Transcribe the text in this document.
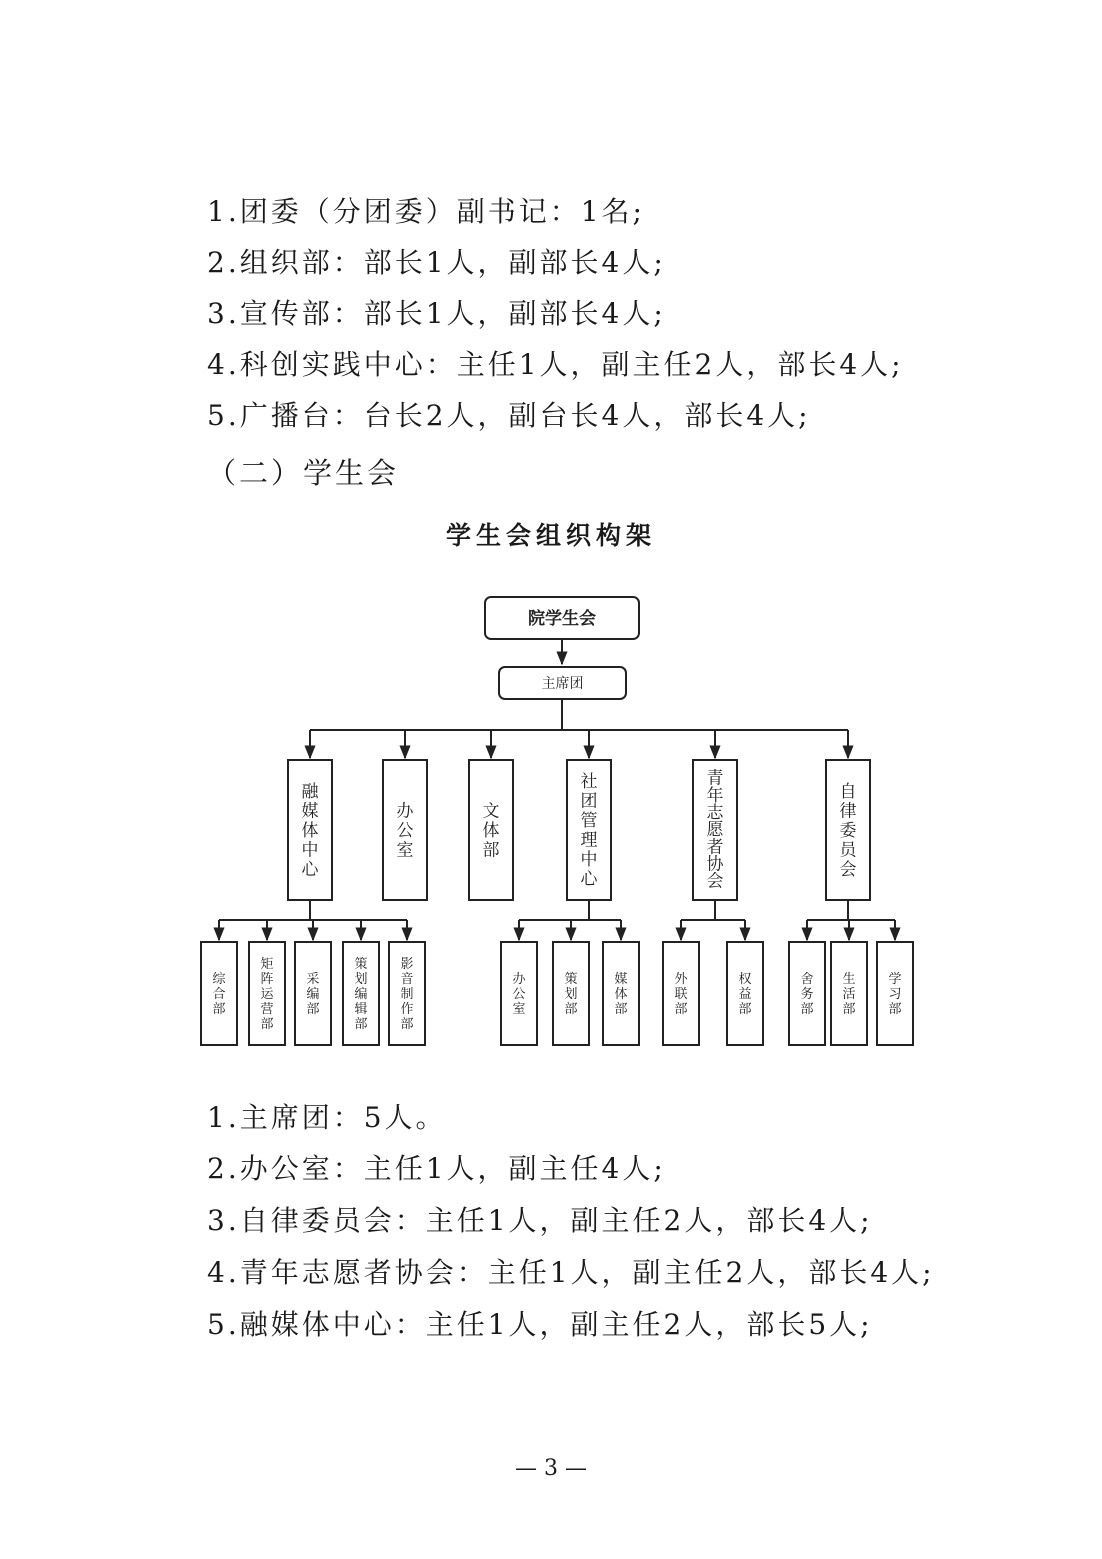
1.团委（分团委）副书记：1名;
2.组织部：部长1人，副部长4人;
3.宣传部：部长1人，副部长4人;
4.科创实践中心：主任1人，副主任2人，部长4人;
5.广播台：台长2人，副台长4人，部长4人;
（二）学生会
学生会组织构架
院学生会
主席团
融
媒
体
中
心
办
公
室
文
体
部
社
团
管
理
中
心
青
年
志
愿
者
协
会
自
律
委
员
会
综
合
部
矩
阵
运
营
部
采
编
部
策
划
编
辑
部
影
音
制
作
部
办
公
室
策
划
部
媒
体
部
外
联
部
权
益
部
舍
务
部
生
活
部
学
习
部
1.主席团：5人。
2.办公室：主任1人，副主任4人;
3.自律委员会：主任1人，副主任2人，部长4人;
4.青年志愿者协会：主任1人，副主任2人，部长4人;
5.融媒体中心：主任1人，副主任2人，部长5人;
— 3 —
